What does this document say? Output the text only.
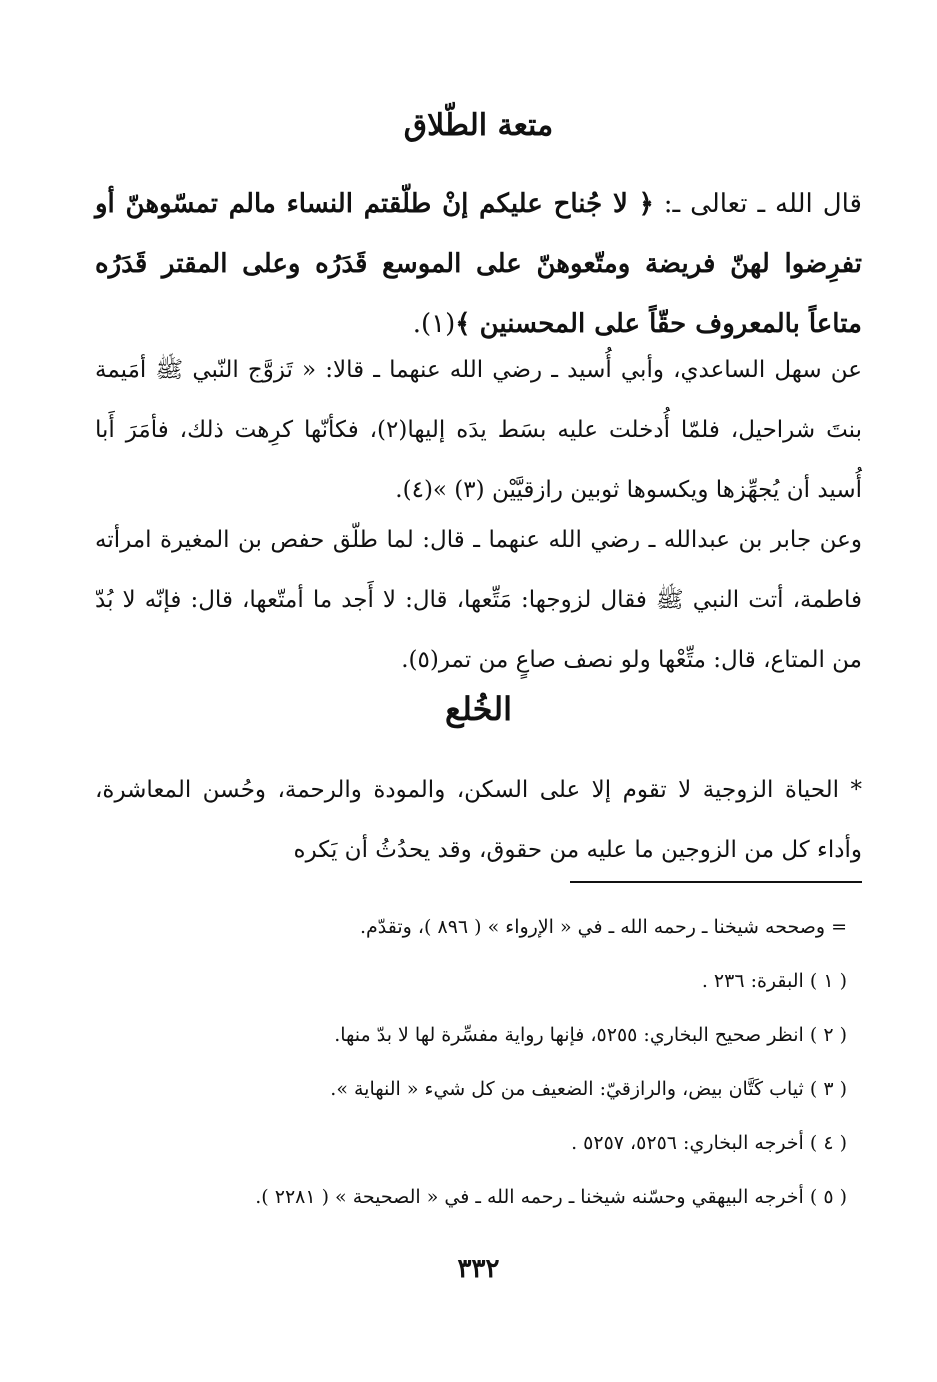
متعة الطّلاق
قال الله ـ تعالى ـ: ﴿ لا جُناح عليكم إنْ طلّقتم النساء مالم تمسّوهنّ أو تفرِضوا لهنّ فريضة ومتّعوهنّ على الموسع قَدَرُه وعلى المقتر قَدَرُه متاعاً بالمعروف حقّاً على المحسنين ﴾(١).
عن سهل الساعدي، وأبي أُسيد ـ رضي الله عنهما ـ قالا: « تَزوَّج النّبي ﷺ أمَيمة بنتَ شراحيل، فلمّا أُدخلت عليه بسَط يدَه إليها(٢)، فكأنّها كرِهت ذلك، فأمَرَ أَبا أُسيد أن يُجهِّزها ويكسوها ثوبين رازقيَّيْن (٣) »(٤).
وعن جابر بن عبدالله ـ رضي الله عنهما ـ قال: لما طلّق حفص بن المغيرة امرأته فاطمة، أتت النبي ﷺ فقال لزوجها: مَتِّعها، قال: لا أَجد ما أمتّعها، قال: فإنّه لا بُدّ من المتاع، قال: متِّعْها ولو نصف صاعٍ من تمر(٥).
الخُلع
* الحياة الزوجية لا تقوم إلا على السكن، والمودة والرحمة، وحُسن المعاشرة، وأداء كل من الزوجين ما عليه من حقوق، وقد يحدُثُ أن يَكره
= وصححه شيخنا ـ رحمه الله ـ في « الإرواء » ( ٨٩٦ )، وتقدّم.
( ١ ) البقرة: ٢٣٦ .
( ٢ ) انظر صحيح البخاري: ٥٢٥٥، فإنها رواية مفسِّرة لها لا بدّ منها.
( ٣ ) ثياب كَتَّان بيض، والرازقيّ: الضعيف من كل شيء « النهاية ».
( ٤ ) أخرجه البخاري: ٥٢٥٦، ٥٢٥٧ .
( ٥ ) أخرجه البيهقي وحسّنه شيخنا ـ رحمه الله ـ في « الصحيحة » ( ٢٢٨١ ).
٣٣٢
